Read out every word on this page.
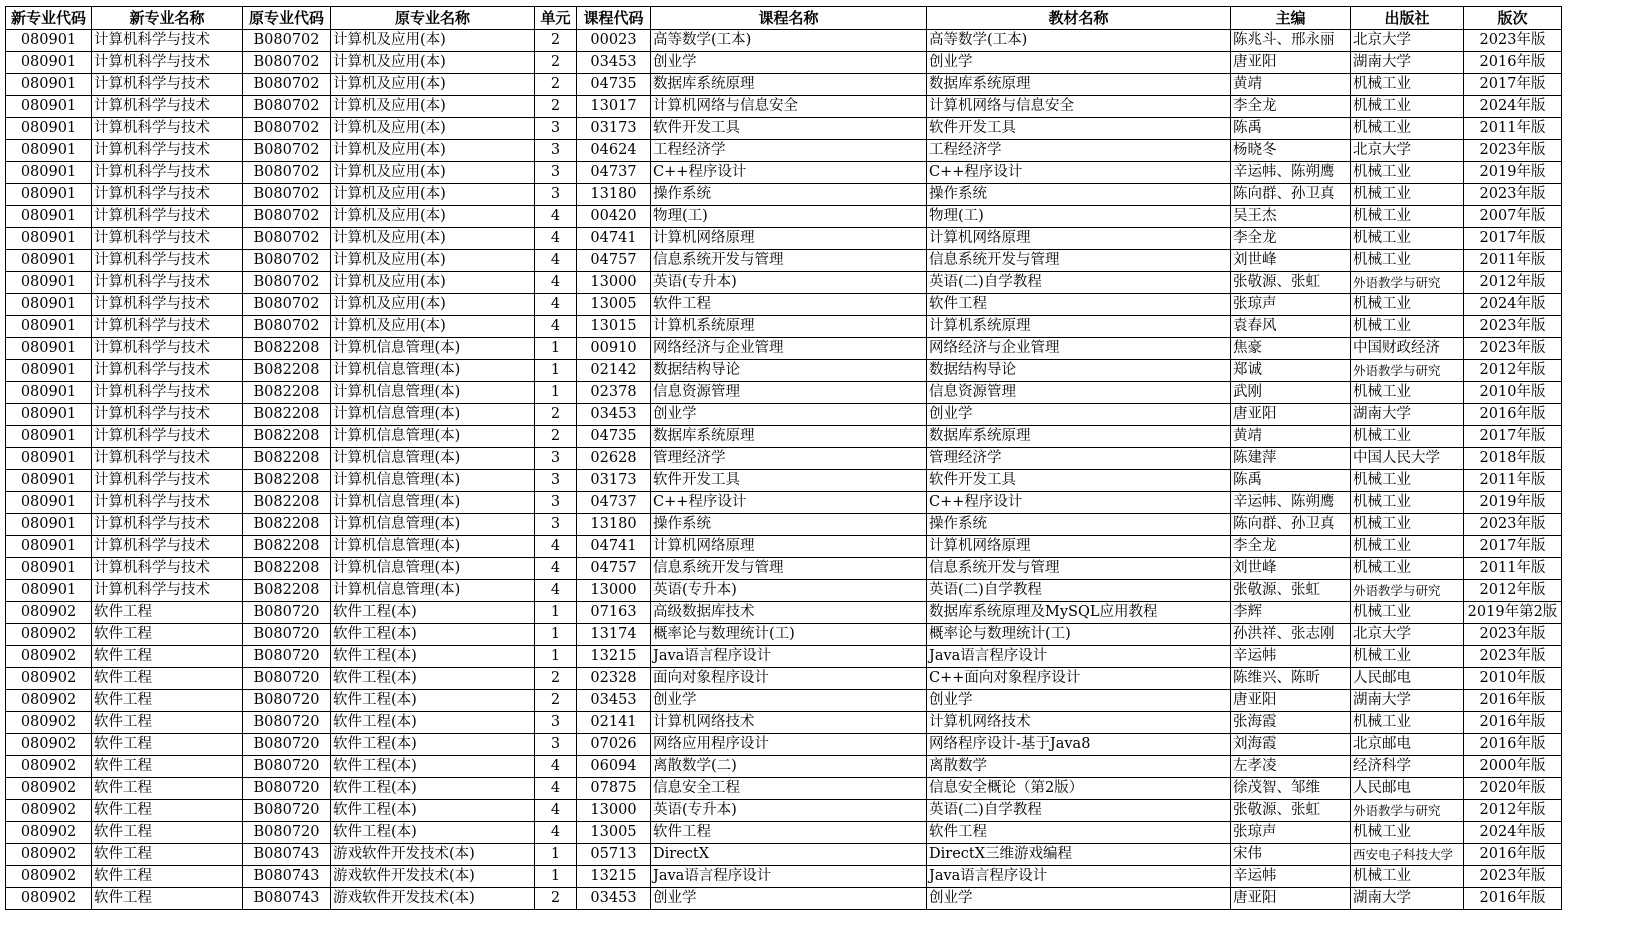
新专业代码	新专业名称	原专业代码	原专业名称	单元	课程代码	课程名称	教材名称	主编	出版社	版次
080901	计算机科学与技术	B080702	计算机及应用(本)	2	00023	高等数学(工本)	高等数学(工本)	陈兆斗、邢永丽	北京大学	2023年版
080901	计算机科学与技术	B080702	计算机及应用(本)	2	03453	创业学	创业学	唐亚阳	湖南大学	2016年版
080901	计算机科学与技术	B080702	计算机及应用(本)	2	04735	数据库系统原理	数据库系统原理	黄靖	机械工业	2017年版
080901	计算机科学与技术	B080702	计算机及应用(本)	2	13017	计算机网络与信息安全	计算机网络与信息安全	李全龙	机械工业	2024年版
080901	计算机科学与技术	B080702	计算机及应用(本)	3	03173	软件开发工具	软件开发工具	陈禹	机械工业	2011年版
080901	计算机科学与技术	B080702	计算机及应用(本)	3	04624	工程经济学	工程经济学	杨晓冬	北京大学	2023年版
080901	计算机科学与技术	B080702	计算机及应用(本)	3	04737	C++程序设计	C++程序设计	辛运帏、陈朔鹰	机械工业	2019年版
080901	计算机科学与技术	B080702	计算机及应用(本)	3	13180	操作系统	操作系统	陈向群、孙卫真	机械工业	2023年版
080901	计算机科学与技术	B080702	计算机及应用(本)	4	00420	物理(工)	物理(工)	吴王杰	机械工业	2007年版
080901	计算机科学与技术	B080702	计算机及应用(本)	4	04741	计算机网络原理	计算机网络原理	李全龙	机械工业	2017年版
080901	计算机科学与技术	B080702	计算机及应用(本)	4	04757	信息系统开发与管理	信息系统开发与管理	刘世峰	机械工业	2011年版
080901	计算机科学与技术	B080702	计算机及应用(本)	4	13000	英语(专升本)	英语(二)自学教程	张敬源、张虹	外语教学与研究	2012年版
080901	计算机科学与技术	B080702	计算机及应用(本)	4	13005	软件工程	软件工程	张琼声	机械工业	2024年版
080901	计算机科学与技术	B080702	计算机及应用(本)	4	13015	计算机系统原理	计算机系统原理	袁春风	机械工业	2023年版
080901	计算机科学与技术	B082208	计算机信息管理(本)	1	00910	网络经济与企业管理	网络经济与企业管理	焦豪	中国财政经济	2023年版
080901	计算机科学与技术	B082208	计算机信息管理(本)	1	02142	数据结构导论	数据结构导论	郑诚	外语教学与研究	2012年版
080901	计算机科学与技术	B082208	计算机信息管理(本)	1	02378	信息资源管理	信息资源管理	武刚	机械工业	2010年版
080901	计算机科学与技术	B082208	计算机信息管理(本)	2	03453	创业学	创业学	唐亚阳	湖南大学	2016年版
080901	计算机科学与技术	B082208	计算机信息管理(本)	2	04735	数据库系统原理	数据库系统原理	黄靖	机械工业	2017年版
080901	计算机科学与技术	B082208	计算机信息管理(本)	3	02628	管理经济学	管理经济学	陈建萍	中国人民大学	2018年版
080901	计算机科学与技术	B082208	计算机信息管理(本)	3	03173	软件开发工具	软件开发工具	陈禹	机械工业	2011年版
080901	计算机科学与技术	B082208	计算机信息管理(本)	3	04737	C++程序设计	C++程序设计	辛运帏、陈朔鹰	机械工业	2019年版
080901	计算机科学与技术	B082208	计算机信息管理(本)	3	13180	操作系统	操作系统	陈向群、孙卫真	机械工业	2023年版
080901	计算机科学与技术	B082208	计算机信息管理(本)	4	04741	计算机网络原理	计算机网络原理	李全龙	机械工业	2017年版
080901	计算机科学与技术	B082208	计算机信息管理(本)	4	04757	信息系统开发与管理	信息系统开发与管理	刘世峰	机械工业	2011年版
080901	计算机科学与技术	B082208	计算机信息管理(本)	4	13000	英语(专升本)	英语(二)自学教程	张敬源、张虹	外语教学与研究	2012年版
080902	软件工程	B080720	软件工程(本)	1	07163	高级数据库技术	数据库系统原理及MySQL应用教程	李辉	机械工业	2019年第2版
080902	软件工程	B080720	软件工程(本)	1	13174	概率论与数理统计(工)	概率论与数理统计(工)	孙洪祥、张志刚	北京大学	2023年版
080902	软件工程	B080720	软件工程(本)	1	13215	Java语言程序设计	Java语言程序设计	辛运帏	机械工业	2023年版
080902	软件工程	B080720	软件工程(本)	2	02328	面向对象程序设计	C++面向对象程序设计	陈维兴、陈昕	人民邮电	2010年版
080902	软件工程	B080720	软件工程(本)	2	03453	创业学	创业学	唐亚阳	湖南大学	2016年版
080902	软件工程	B080720	软件工程(本)	3	02141	计算机网络技术	计算机网络技术	张海霞	机械工业	2016年版
080902	软件工程	B080720	软件工程(本)	3	07026	网络应用程序设计	网络程序设计-基于Java8	刘海霞	北京邮电	2016年版
080902	软件工程	B080720	软件工程(本)	4	06094	离散数学(二)	离散数学	左孝凌	经济科学	2000年版
080902	软件工程	B080720	软件工程(本)	4	07875	信息安全工程	信息安全概论（第2版）	徐茂智、邹维	人民邮电	2020年版
080902	软件工程	B080720	软件工程(本)	4	13000	英语(专升本)	英语(二)自学教程	张敬源、张虹	外语教学与研究	2012年版
080902	软件工程	B080720	软件工程(本)	4	13005	软件工程	软件工程	张琼声	机械工业	2024年版
080902	软件工程	B080743	游戏软件开发技术(本)	1	05713	DirectX	DirectX三维游戏编程	宋伟	西安电子科技大学	2016年版
080902	软件工程	B080743	游戏软件开发技术(本)	1	13215	Java语言程序设计	Java语言程序设计	辛运帏	机械工业	2023年版
080902	软件工程	B080743	游戏软件开发技术(本)	2	03453	创业学	创业学	唐亚阳	湖南大学	2016年版
